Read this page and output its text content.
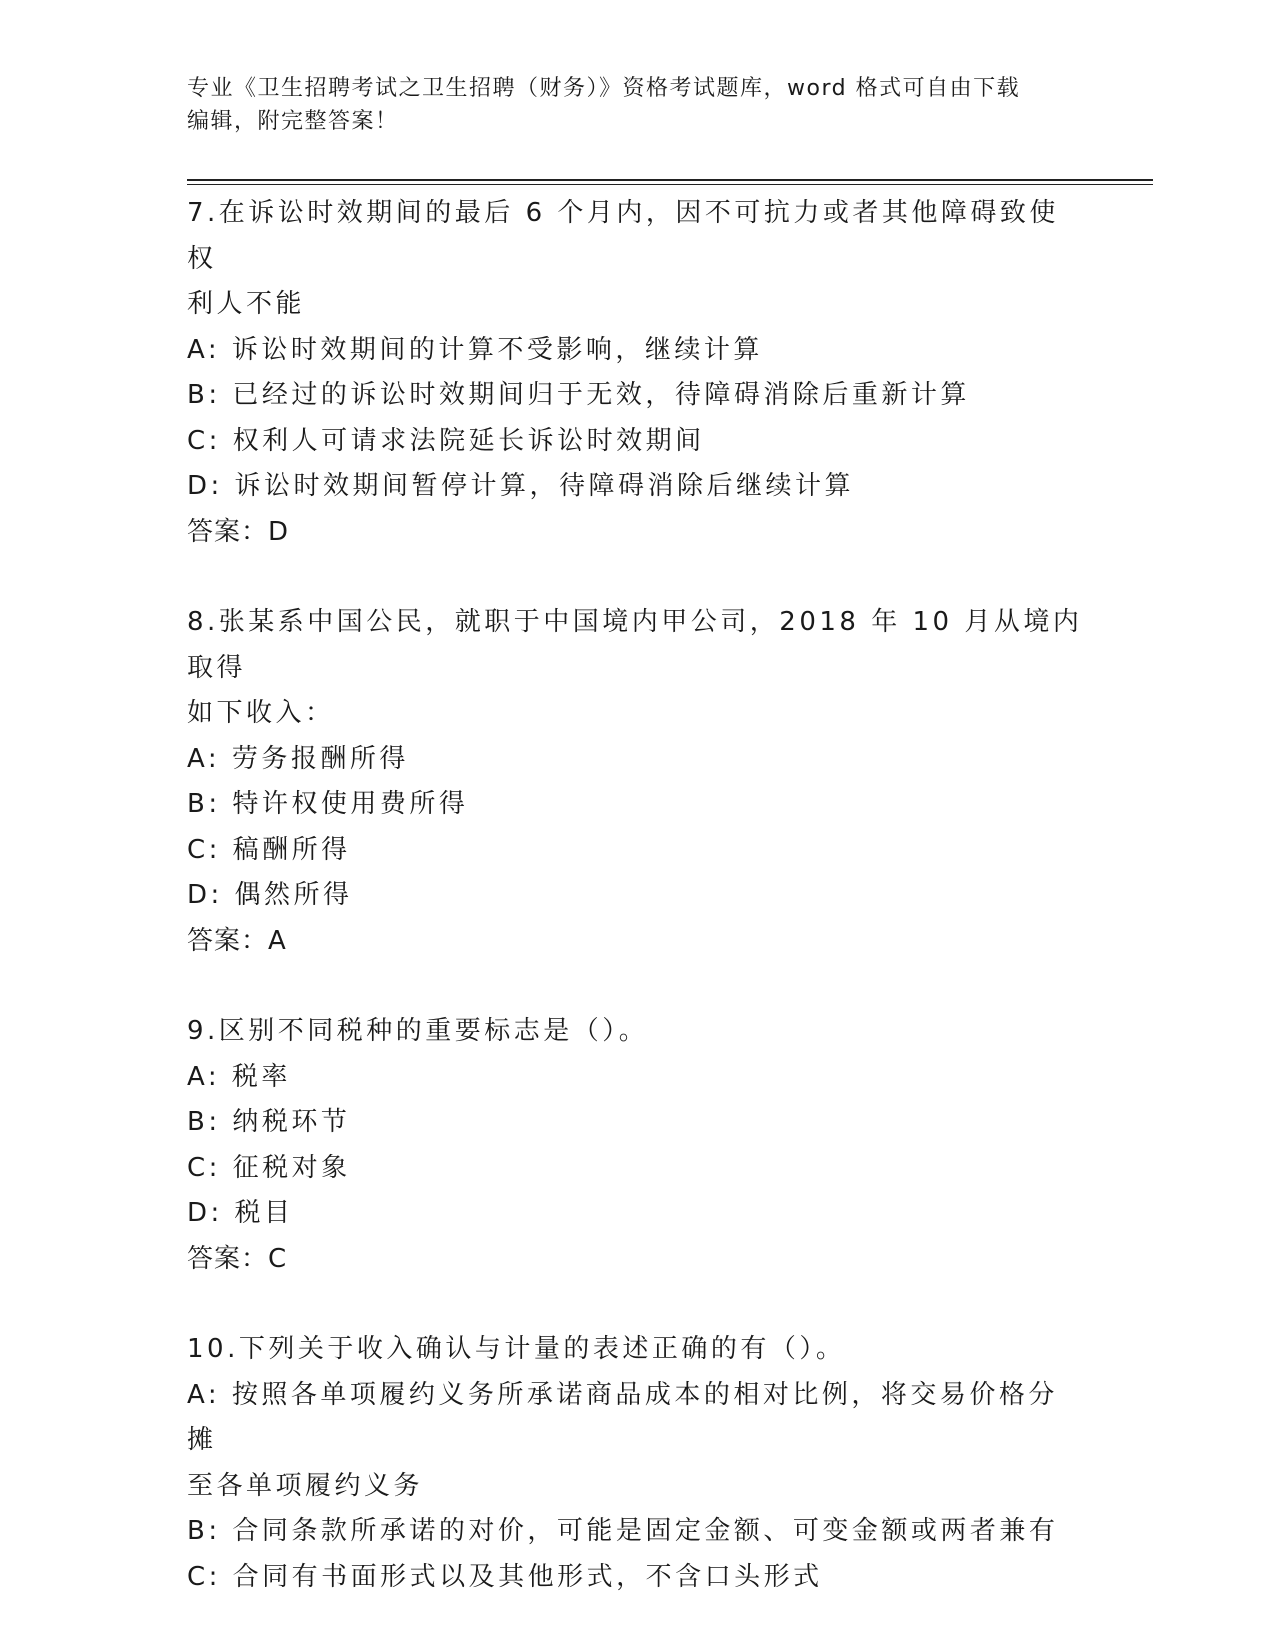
专业《卫生招聘考试之卫生招聘（财务）》资格考试题库，word 格式可自由下载
编辑，附完整答案！
7.在诉讼时效期间的最后 6 个月内，因不可抗力或者其他障碍致使权
利人不能
A: 诉讼时效期间的计算不受影响，继续计算
B: 已经过的诉讼时效期间归于无效，待障碍消除后重新计算
C: 权利人可请求法院延长诉讼时效期间
D: 诉讼时效期间暂停计算，待障碍消除后继续计算
答案：D
8.张某系中国公民，就职于中国境内甲公司，2018 年 10 月从境内取得
如下收入：
A: 劳务报酬所得
B: 特许权使用费所得
C: 稿酬所得
D: 偶然所得
答案：A
9.区别不同税种的重要标志是（）。
A: 税率
B: 纳税环节
C: 征税对象
D: 税目
答案：C
10.下列关于收入确认与计量的表述正确的有（）。
A: 按照各单项履约义务所承诺商品成本的相对比例，将交易价格分摊
至各单项履约义务
B: 合同条款所承诺的对价，可能是固定金额、可变金额或两者兼有
C: 合同有书面形式以及其他形式，不含口头形式
